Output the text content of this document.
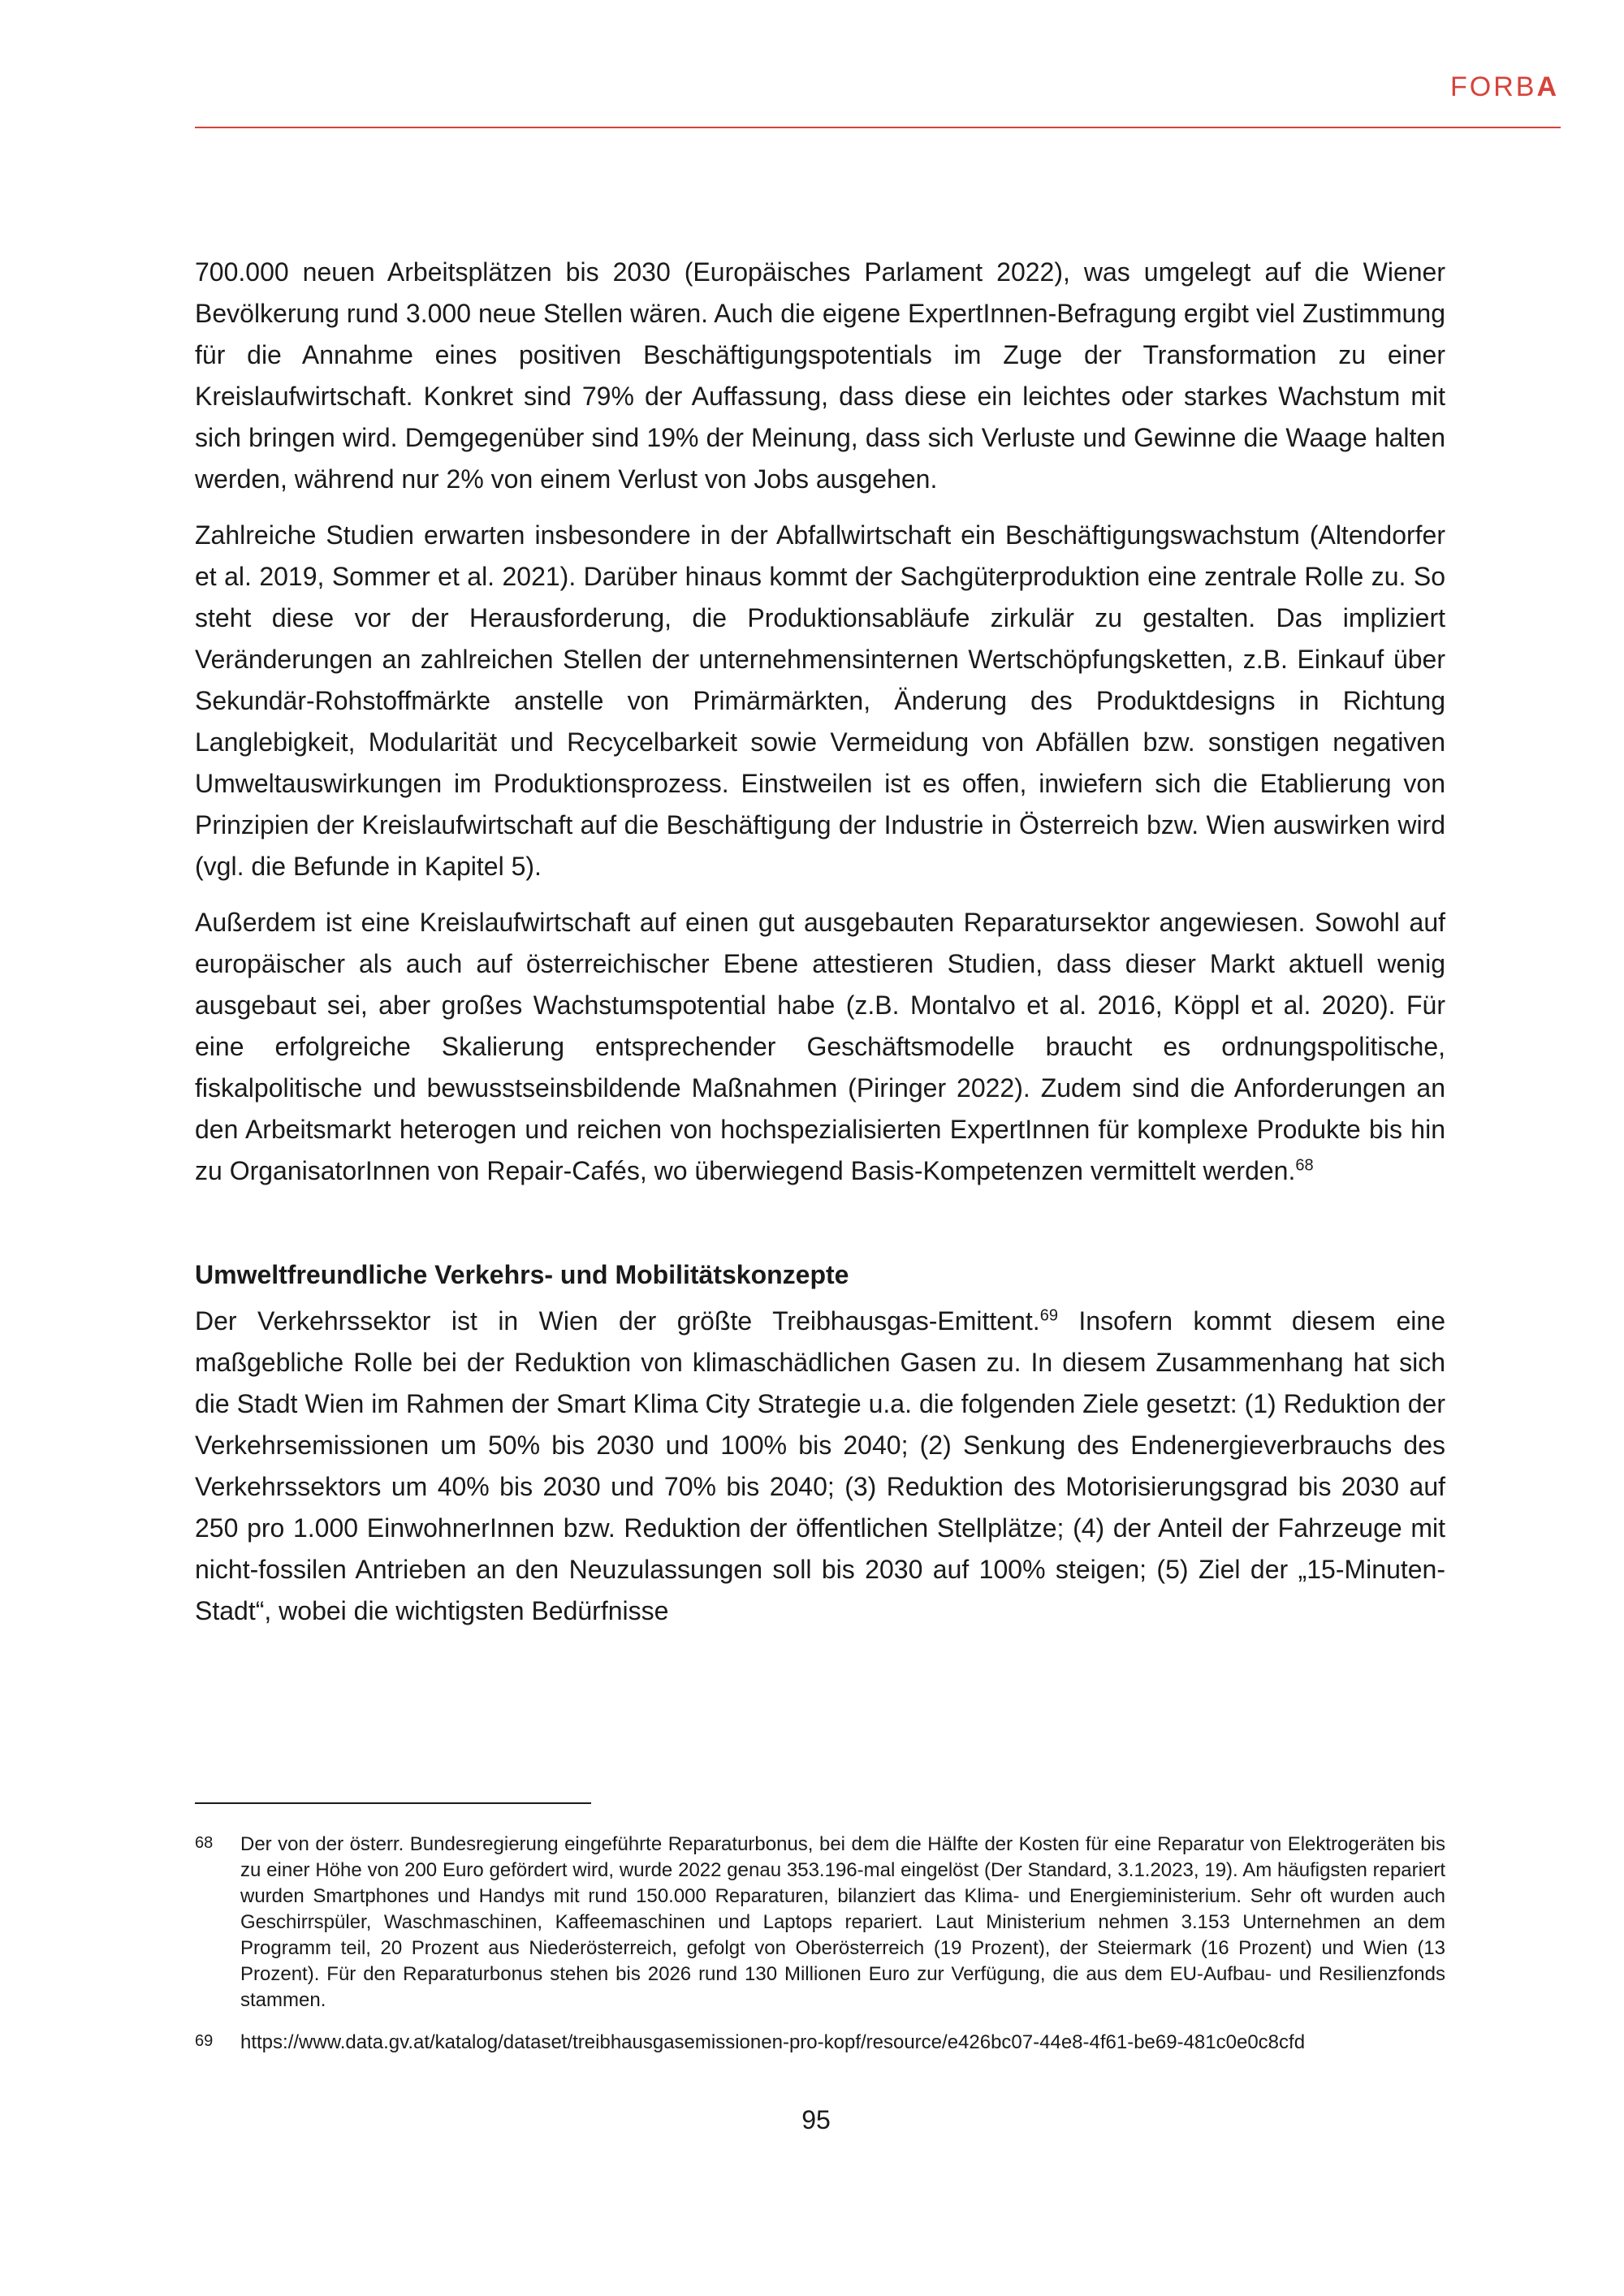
FORBA

700.000 neuen Arbeitsplätzen bis 2030 (Europäisches Parlament 2022), was umgelegt auf die Wiener Bevölkerung rund 3.000 neue Stellen wären. Auch die eigene ExpertInnen-Befragung ergibt viel Zustimmung für die Annahme eines positiven Beschäftigungspotentials im Zuge der Transformation zu einer Kreislaufwirtschaft. Konkret sind 79% der Auffassung, dass diese ein leichtes oder starkes Wachstum mit sich bringen wird. Demgegenüber sind 19% der Meinung, dass sich Verluste und Gewinne die Waage halten werden, während nur 2% von einem Verlust von Jobs ausgehen.

Zahlreiche Studien erwarten insbesondere in der Abfallwirtschaft ein Beschäftigungswachstum (Altendorfer et al. 2019, Sommer et al. 2021). Darüber hinaus kommt der Sachgüterproduktion eine zentrale Rolle zu. So steht diese vor der Herausforderung, die Produktionsabläufe zirkulär zu gestalten. Das impliziert Veränderungen an zahlreichen Stellen der unternehmensinternen Wertschöpfungsketten, z.B. Einkauf über Sekundär-Rohstoffmärkte anstelle von Primärmärkten, Änderung des Produktdesigns in Richtung Langlebigkeit, Modularität und Recycelbarkeit sowie Vermeidung von Abfällen bzw. sonstigen negativen Umweltauswirkungen im Produktionsprozess. Einstweilen ist es offen, inwiefern sich die Etablierung von Prinzipien der Kreislaufwirtschaft auf die Beschäftigung der Industrie in Österreich bzw. Wien auswirken wird (vgl. die Befunde in Kapitel 5).

Außerdem ist eine Kreislaufwirtschaft auf einen gut ausgebauten Reparatursektor angewiesen. Sowohl auf europäischer als auch auf österreichischer Ebene attestieren Studien, dass dieser Markt aktuell wenig ausgebaut sei, aber großes Wachstumspotential habe (z.B. Montalvo et al. 2016, Köppl et al. 2020). Für eine erfolgreiche Skalierung entsprechender Geschäftsmodelle braucht es ordnungspolitische, fiskalpolitische und bewusstseinsbildende Maßnahmen (Piringer 2022). Zudem sind die Anforderungen an den Arbeitsmarkt heterogen und reichen von hochspezialisierten ExpertInnen für komplexe Produkte bis hin zu OrganisatorInnen von Repair-Cafés, wo überwiegend Basis-Kompetenzen vermittelt werden.$^{68}$

Umweltfreundliche Verkehrs- und Mobilitätskonzepte

Der Verkehrssektor ist in Wien der größte Treibhausgas-Emittent.$^{69}$ Insofern kommt diesem eine maßgebliche Rolle bei der Reduktion von klimaschädlichen Gasen zu. In diesem Zusammenhang hat sich die Stadt Wien im Rahmen der Smart Klima City Strategie u.a. die folgenden Ziele gesetzt: (1) Reduktion der Verkehrsemissionen um 50% bis 2030 und 100% bis 2040; (2) Senkung des Endenergieverbrauchs des Verkehrssektors um 40% bis 2030 und 70% bis 2040; (3) Reduktion des Motorisierungsgrad bis 2030 auf 250 pro 1.000 EinwohnerInnen bzw. Reduktion der öffentlichen Stellplätze; (4) der Anteil der Fahrzeuge mit nicht-fossilen Antrieben an den Neuzulassungen soll bis 2030 auf 100% steigen; (5) Ziel der „15-Minuten-Stadt“, wobei die wichtigsten Bedürfnisse

68	Der von der österr. Bundesregierung eingeführte Reparaturbonus, bei dem die Hälfte der Kosten für eine Reparatur von Elektrogeräten bis zu einer Höhe von 200 Euro gefördert wird, wurde 2022 genau 353.196-mal eingelöst (Der Standard, 3.1.2023, 19). Am häufigsten repariert wurden Smartphones und Handys mit rund 150.000 Reparaturen, bilanziert das Klima- und Energieministerium. Sehr oft wurden auch Geschirrspüler, Waschmaschinen, Kaffeemaschinen und Laptops repariert. Laut Ministerium nehmen 3.153 Unternehmen an dem Programm teil, 20 Prozent aus Niederösterreich, gefolgt von Oberösterreich (19 Prozent), der Steiermark (16 Prozent) und Wien (13 Prozent). Für den Reparaturbonus stehen bis 2026 rund 130 Millionen Euro zur Verfügung, die aus dem EU-Aufbau- und Resilienzfonds stammen.
69	https://www.data.gv.at/katalog/dataset/treibhausgasemissionen-pro-kopf/resource/e426bc07-44e8-4f61-be69-481c0e0c8cfd
95
